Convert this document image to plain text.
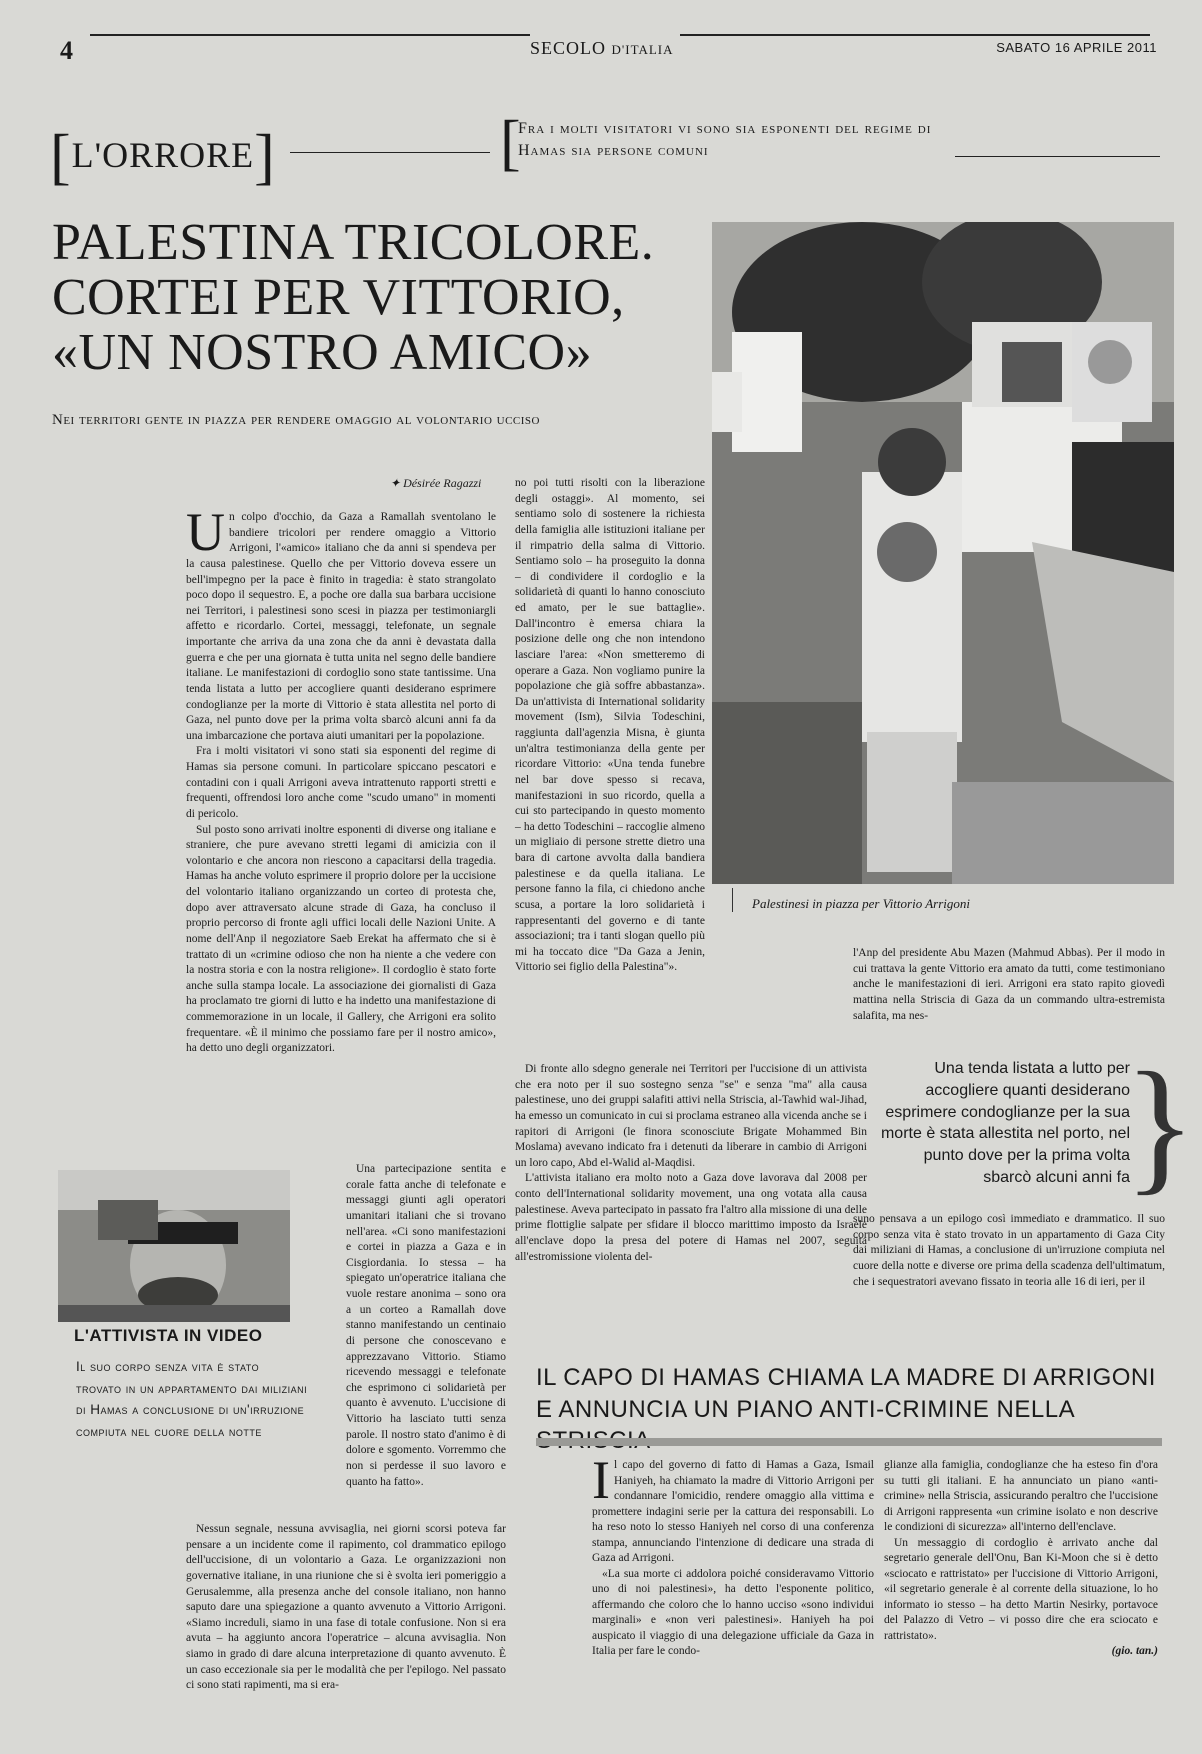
4	SECOLO D'ITALIA	SABATO 16 APRILE 2011
[L'ORRORE]	[
Fra i molti visitatori vi sono sia esponenti del regime di Hamas sia persone comuni
PALESTINA TRICOLORE. CORTEI PER VITTORIO, «UN NOSTRO AMICO»
Nei territori gente in piazza per rendere omaggio al volontario ucciso
Palestinesi in piazza per Vittorio Arrigoni
✦ Désirée Ragazzi

Un colpo d'occhio, da Gaza a Ramallah sventolano le bandiere tricolori per rendere omaggio a Vittorio Arrigoni, l'«amico» italiano che da anni si spendeva per la causa palestinese. Quello che per Vittorio doveva essere un bell'impegno per la pace è finito in tragedia: è stato strangolato poco dopo il sequestro. E, a poche ore dalla sua barbara uccisione nei Territori, i palestinesi sono scesi in piazza per testimoniargli affetto e ricordarlo. Cortei, messaggi, telefonate, un segnale importante che arriva da una zona che da anni è devastata dalla guerra e che per una giornata è tutta unita nel segno delle bandiere italiane. Le manifestazioni di cordoglio sono state tantissime. Una tenda listata a lutto per accogliere quanti desiderano esprimere condoglianze per la morte di Vittorio è stata allestita nel porto di Gaza, nel punto dove per la prima volta sbarcò alcuni anni fa da una imbarcazione che portava aiuti umanitari per la popolazione.

Fra i molti visitatori vi sono stati sia esponenti del regime di Hamas sia persone comuni. In particolare spiccano pescatori e contadini con i quali Arrigoni aveva intrattenuto rapporti stretti e frequenti, offrendosi loro anche come "scudo umano" in momenti di pericolo.

Sul posto sono arrivati inoltre esponenti di diverse ong italiane e straniere, che pure avevano stretti legami di amicizia con il volontario e che ancora non riescono a capacitarsi della tragedia. Hamas ha anche voluto esprimere il proprio dolore per la uccisione del volontario italiano organizzando un corteo di protesta che, dopo aver attraversato alcune strade di Gaza, ha concluso il proprio percorso di fronte agli uffici locali delle Nazioni Unite. A nome dell'Anp il negoziatore Saeb Erekat ha affermato che si è trattato di un «crimine odioso che non ha niente a che vedere con la nostra storia e con la nostra religione». Il cordoglio è stato forte anche sulla stampa locale. La associazione dei giornalisti di Gaza ha proclamato tre giorni di lutto e ha indetto una manifestazione di commemorazione in un locale, il Gallery, che Arrigoni era solito frequentare. «È il minimo che possiamo fare per il nostro amico», ha detto uno degli organizzatori.

Una partecipazione sentita e corale fatta anche di telefonate e messaggi giunti agli operatori umanitari italiani che si trovano nell'area. «Ci sono manifestazioni e cortei in piazza a Gaza e in Cisgiordania. Io stessa – ha spiegato un'operatrice italiana che vuole restare anonima – sono ora a un corteo a Ramallah dove stanno manifestando un centinaio di persone che conoscevano e apprezzavano Vittorio. Stiamo ricevendo messaggi e telefonate che esprimono ci solidarietà per quanto è avvenuto. L'uccisione di Vittorio ha lasciato tutti senza parole. Il nostro stato d'animo è di dolore e sgomento. Vorremmo che non si perdesse il suo lavoro e quanto ha fatto».

Nessun segnale, nessuna avvisaglia, nei giorni scorsi poteva far pensare a un incidente come il rapimento, col drammatico epilogo dell'uccisione, di un volontario a Gaza. Le organizzazioni non governative italiane, in una riunione che si è svolta ieri pomeriggio a Gerusalemme, alla presenza anche del console italiano, non hanno saputo dare una spiegazione a quanto avvenuto a Vittorio Arrigoni. «Siamo increduli, siamo in una fase di totale confusione. Non si era avuta – ha aggiunto ancora l'operatrice – alcuna avvisaglia. Non siamo in grado di dare alcuna interpretazione di quanto avvenuto. È un caso eccezionale sia per le modalità che per l'epilogo. Nel passato ci sono stati rapimenti, ma si era-

no poi tutti risolti con la liberazione degli ostaggi». Al momento, sei sentiamo solo di sostenere la richiesta della famiglia alle istituzioni italiane per il rimpatrio della salma di Vittorio. Sentiamo solo – ha proseguito la donna – di condividere il cordoglio e la solidarietà di quanti lo hanno conosciuto ed amato, per le sue battaglie». Dall'incontro è emersa chiara la posizione delle ong che non intendono lasciare l'area: «Non smetteremo di operare a Gaza. Non vogliamo punire la popolazione che già soffre abbastanza». Da un'attivista di International solidarity movement (Ism), Silvia Todeschini, raggiunta dall'agenzia Misna, è giunta un'altra testimonianza della gente per ricordare Vittorio: «Una tenda funebre nel bar dove spesso si recava, manifestazioni in suo ricordo, quella a cui sto partecipando in questo momento – ha detto Todeschini – raccoglie almeno un migliaio di persone strette dietro una bara di cartone avvolta dalla bandiera palestinese e da quella italiana. Le persone fanno la fila, ci chiedono anche scusa, a portare la loro solidarietà i rappresentanti del governo e di tante associazioni; tra i tanti slogan quello più mi ha toccato dice "Da Gaza a Jenin, Vittorio sei figlio della Palestina"».

Di fronte allo sdegno generale nei Territori per l'uccisione di un attivista che era noto per il suo sostegno senza "se" e senza "ma" alla causa palestinese, uno dei gruppi salafiti attivi nella Striscia, al-Tawhid wal-Jihad, ha emesso un comunicato in cui si proclama estraneo alla vicenda anche se i rapitori di Arrigoni (le finora sconosciute Brigate Mohammed Bin Moslama) avevano indicato fra i detenuti da liberare in cambio di Arrigoni un loro capo, Abd el-Walid al-Maqdisi.

L'attivista italiano era molto noto a Gaza dove lavorava dal 2008 per conto dell'International solidarity movement, una ong votata alla causa palestinese. Aveva partecipato in passato fra l'altro alla missione di una delle prime flottiglie salpate per sfidare il blocco marittimo imposto da Israele all'enclave dopo la presa del potere di Hamas nel 2007, seguita all'estromissione violenta del-

l'Anp del presidente Abu Mazen (Mahmud Abbas). Per il modo in cui trattava la gente Vittorio era amato da tutti, come testimoniano anche le manifestazioni di ieri. Arrigoni era stato rapito giovedì mattina nella Striscia di Gaza da un commando ultra-estremista salafita, ma nes-

suno pensava a un epilogo così immediato e drammatico. Il suo corpo senza vita è stato trovato in un appartamento di Gaza City dai miliziani di Hamas, a conclusione di un'irruzione compiuta nel cuore della notte e diverse ore prima della scadenza dell'ultimatum, che i sequestratori avevano fissato in teoria alle 16 di ieri, per il

Una tenda listata a lutto per accogliere quanti desiderano esprimere condoglianze per la sua morte è stata allestita nel porto, nel punto dove per la prima volta sbarcò alcuni anni fa
}
L'ATTIVISTA IN VIDEO
Il suo corpo senza vita è stato trovato in un appartamento dai miliziani di Hamas a conclusione di un'irruzione compiuta nel cuore della notte
IL CAPO DI HAMAS CHIAMA LA MADRE DI ARRIGONI E ANNUNCIA UN PIANO ANTI-CRIMINE NELLA

Il capo del governo di fatto di Hamas a Gaza, Ismail Haniyeh, ha chiamato la madre di Vittorio Arrigoni per condannare l'omicidio, rendere omaggio alla vittima e promettere indagini serie per la cattura dei responsabili. Lo ha reso noto lo stesso Haniyeh nel corso di una conferenza stampa, annunciando l'intenzione di dedicare una strada di Gaza ad Arrigoni.

«La sua morte ci addolora poiché consideravamo Vittorio uno di noi palestinesi», ha detto l'esponente politico, affermando che coloro che lo hanno ucciso «sono individui marginali» e «non veri palestinesi». Haniyeh ha poi auspicato il viaggio di una delegazione ufficiale da Gaza in Italia per fare le condo-

glianze alla famiglia, condoglianze che ha esteso fin d'ora su tutti gli italiani. E ha annunciato un piano «anti-crimine» nella Striscia, assicurando peraltro che l'uccisione di Arrigoni rappresenta «un crimine isolato e non descrive le condizioni di sicurezza» all'interno dell'enclave.

Un messaggio di cordoglio è arrivato anche dal segretario generale dell'Onu, Ban Ki-Moon che si è detto «sciocato e rattristato» per l'uccisione di Vittorio Arrigoni, «il segretario generale è al corrente della situazione, lo ho informato io stesso – ha detto Martin Nesirky, portavoce del Palazzo di Vetro – vi posso dire che era sciocato e rattristato».

(gio. tan.)
